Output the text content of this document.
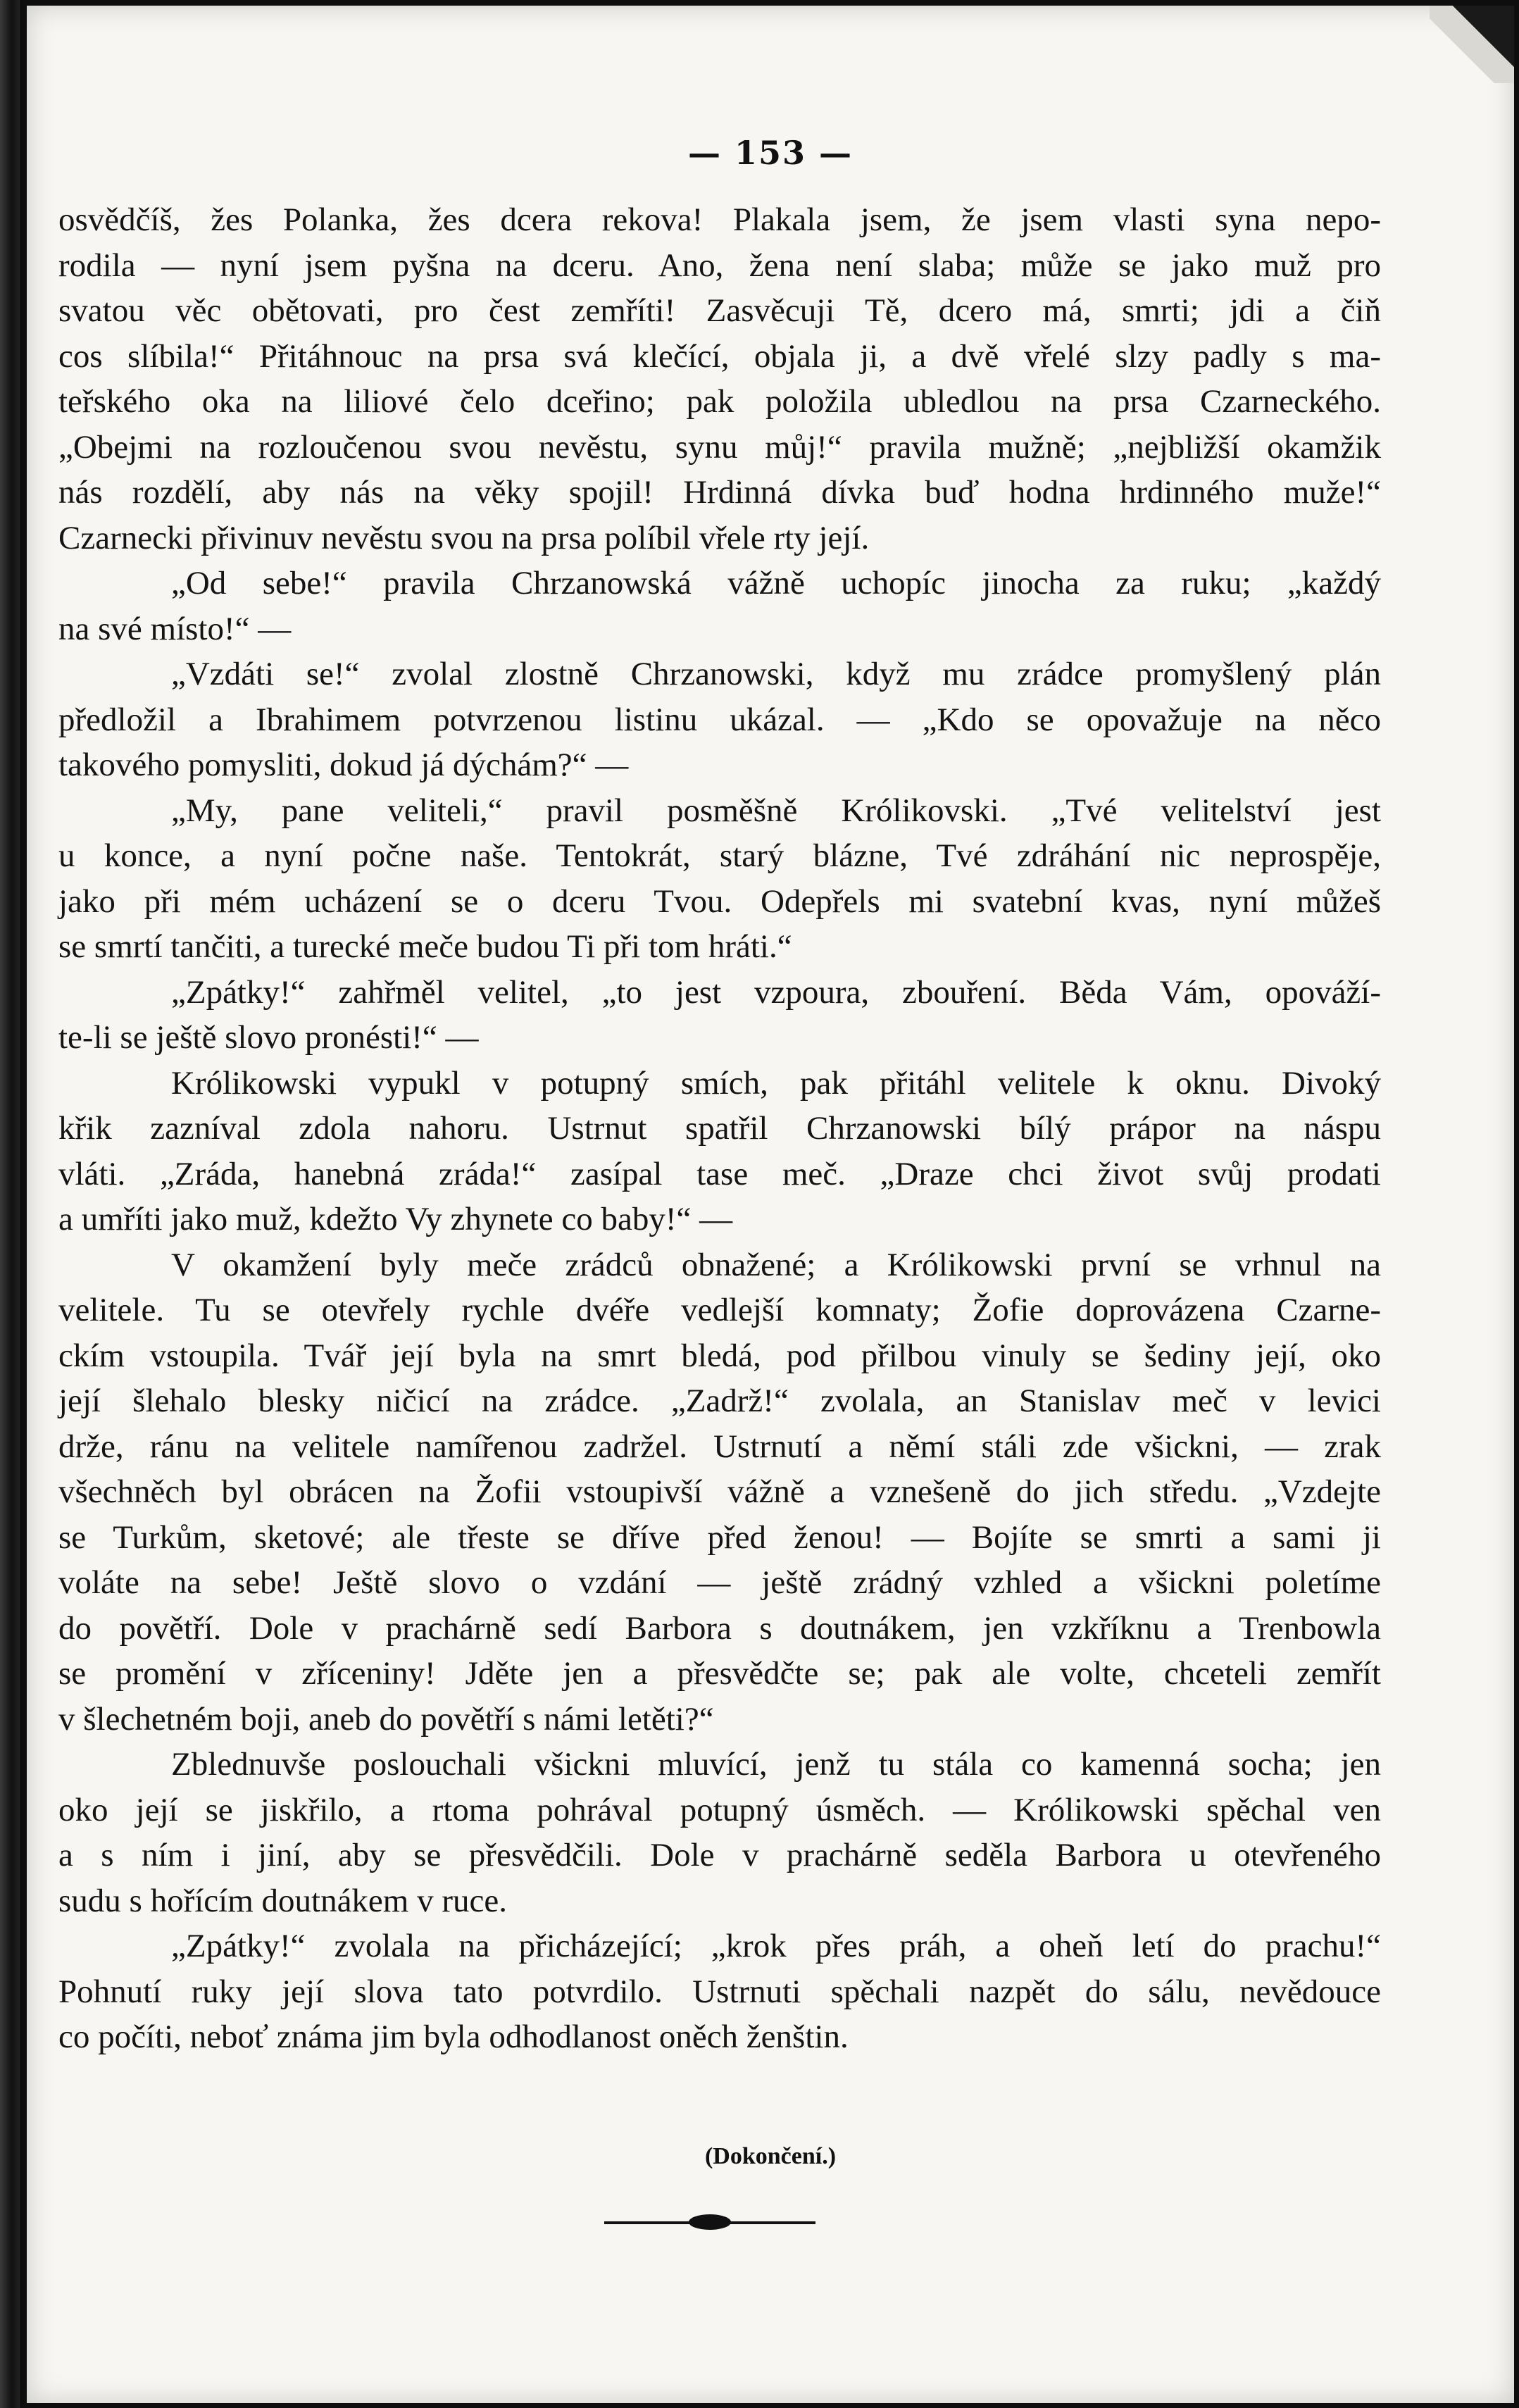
— 153 —
osvědčíš, žes Polanka, žes dcera rekova! Plakala jsem, že jsem vlasti syna nepo-
rodila — nyní jsem pyšna na dceru. Ano, žena není slaba; může se jako muž pro
svatou věc obětovati, pro čest zemříti! Zasvěcuji Tě, dcero má, smrti; jdi a čiň
cos slíbila!“ Přitáhnouc na prsa svá klečící, objala ji, a dvě vřelé slzy padly s ma-
teřského oka na liliové čelo dceřino; pak položila ubledlou na prsa Czarneckého.
„Obejmi na rozloučenou svou nevěstu, synu můj!“ pravila mužně; „nejbližší okamžik
nás rozdělí, aby nás na věky spojil! Hrdinná dívka buď hodna hrdinného muže!“
Czarnecki přivinuv nevěstu svou na prsa políbil vřele rty její.
„Od sebe!“ pravila Chrzanowská vážně uchopíc jinocha za ruku; „každý
na své místo!“ —
„Vzdáti se!“ zvolal zlostně Chrzanowski, když mu zrádce promyšlený plán
předložil a Ibrahimem potvrzenou listinu ukázal. — „Kdo se opovažuje na něco
takového pomysliti, dokud já dýchám?“ —
„My, pane veliteli,“ pravil posměšně Królikovski. „Tvé velitelství jest
u konce, a nyní počne naše. Tentokrát, starý blázne, Tvé zdráhání nic neprospěje,
jako při mém ucházení se o dceru Tvou. Odepřels mi svatební kvas, nyní můžeš
se smrtí tančiti, a turecké meče budou Ti při tom hráti.“
„Zpátky!“ zahřměl velitel, „to jest vzpoura, zbouření. Běda Vám, opováží-
te-li se ještě slovo pronésti!“ —
Królikowski vypukl v potupný smích, pak přitáhl velitele k oknu. Divoký
křik zazníval zdola nahoru. Ustrnut spatřil Chrzanowski bílý prápor na náspu
vláti. „Zráda, hanebná zráda!“ zasípal tase meč. „Draze chci život svůj prodati
a umříti jako muž, kdežto Vy zhynete co baby!“ —
V okamžení byly meče zrádců obnažené; a Królikowski první se vrhnul na
velitele. Tu se otevřely rychle dvéře vedlejší komnaty; Žofie doprovázena Czarne-
ckím vstoupila. Tvář její byla na smrt bledá, pod přilbou vinuly se šediny její, oko
její šlehalo blesky ničicí na zrádce. „Zadrž!“ zvolala, an Stanislav meč v levici
drže, ránu na velitele namířenou zadržel. Ustrnutí a němí stáli zde všickni, — zrak
všechněch byl obrácen na Žofii vstoupivší vážně a vznešeně do jich středu. „Vzdejte
se Turkům, sketové; ale třeste se dříve před ženou! — Bojíte se smrti a sami ji
voláte na sebe! Ještě slovo o vzdání — ještě zrádný vzhled a všickni poletíme
do povětří. Dole v prachárně sedí Barbora s doutnákem, jen vzkříknu a Trenbowla
se promění v zříceniny! Jděte jen a přesvědčte se; pak ale volte, chceteli zemřít
v šlechetném boji, aneb do povětří s námi letěti?“
Zblednuvše poslouchali všickni mluvící, jenž tu stála co kamenná socha; jen
oko její se jiskřilo, a rtoma pohrával potupný úsměch. — Królikowski spěchal ven
a s ním i jiní, aby se přesvědčili. Dole v prachárně seděla Barbora u otevřeného
sudu s hořícím doutnákem v ruce.
„Zpátky!“ zvolala na přicházející; „krok přes práh, a oheň letí do prachu!“
Pohnutí ruky její slova tato potvrdilo. Ustrnuti spěchali nazpět do sálu, nevědouce
co počíti, neboť známa jim byla odhodlanost oněch ženštin.
(Dokončení.)
